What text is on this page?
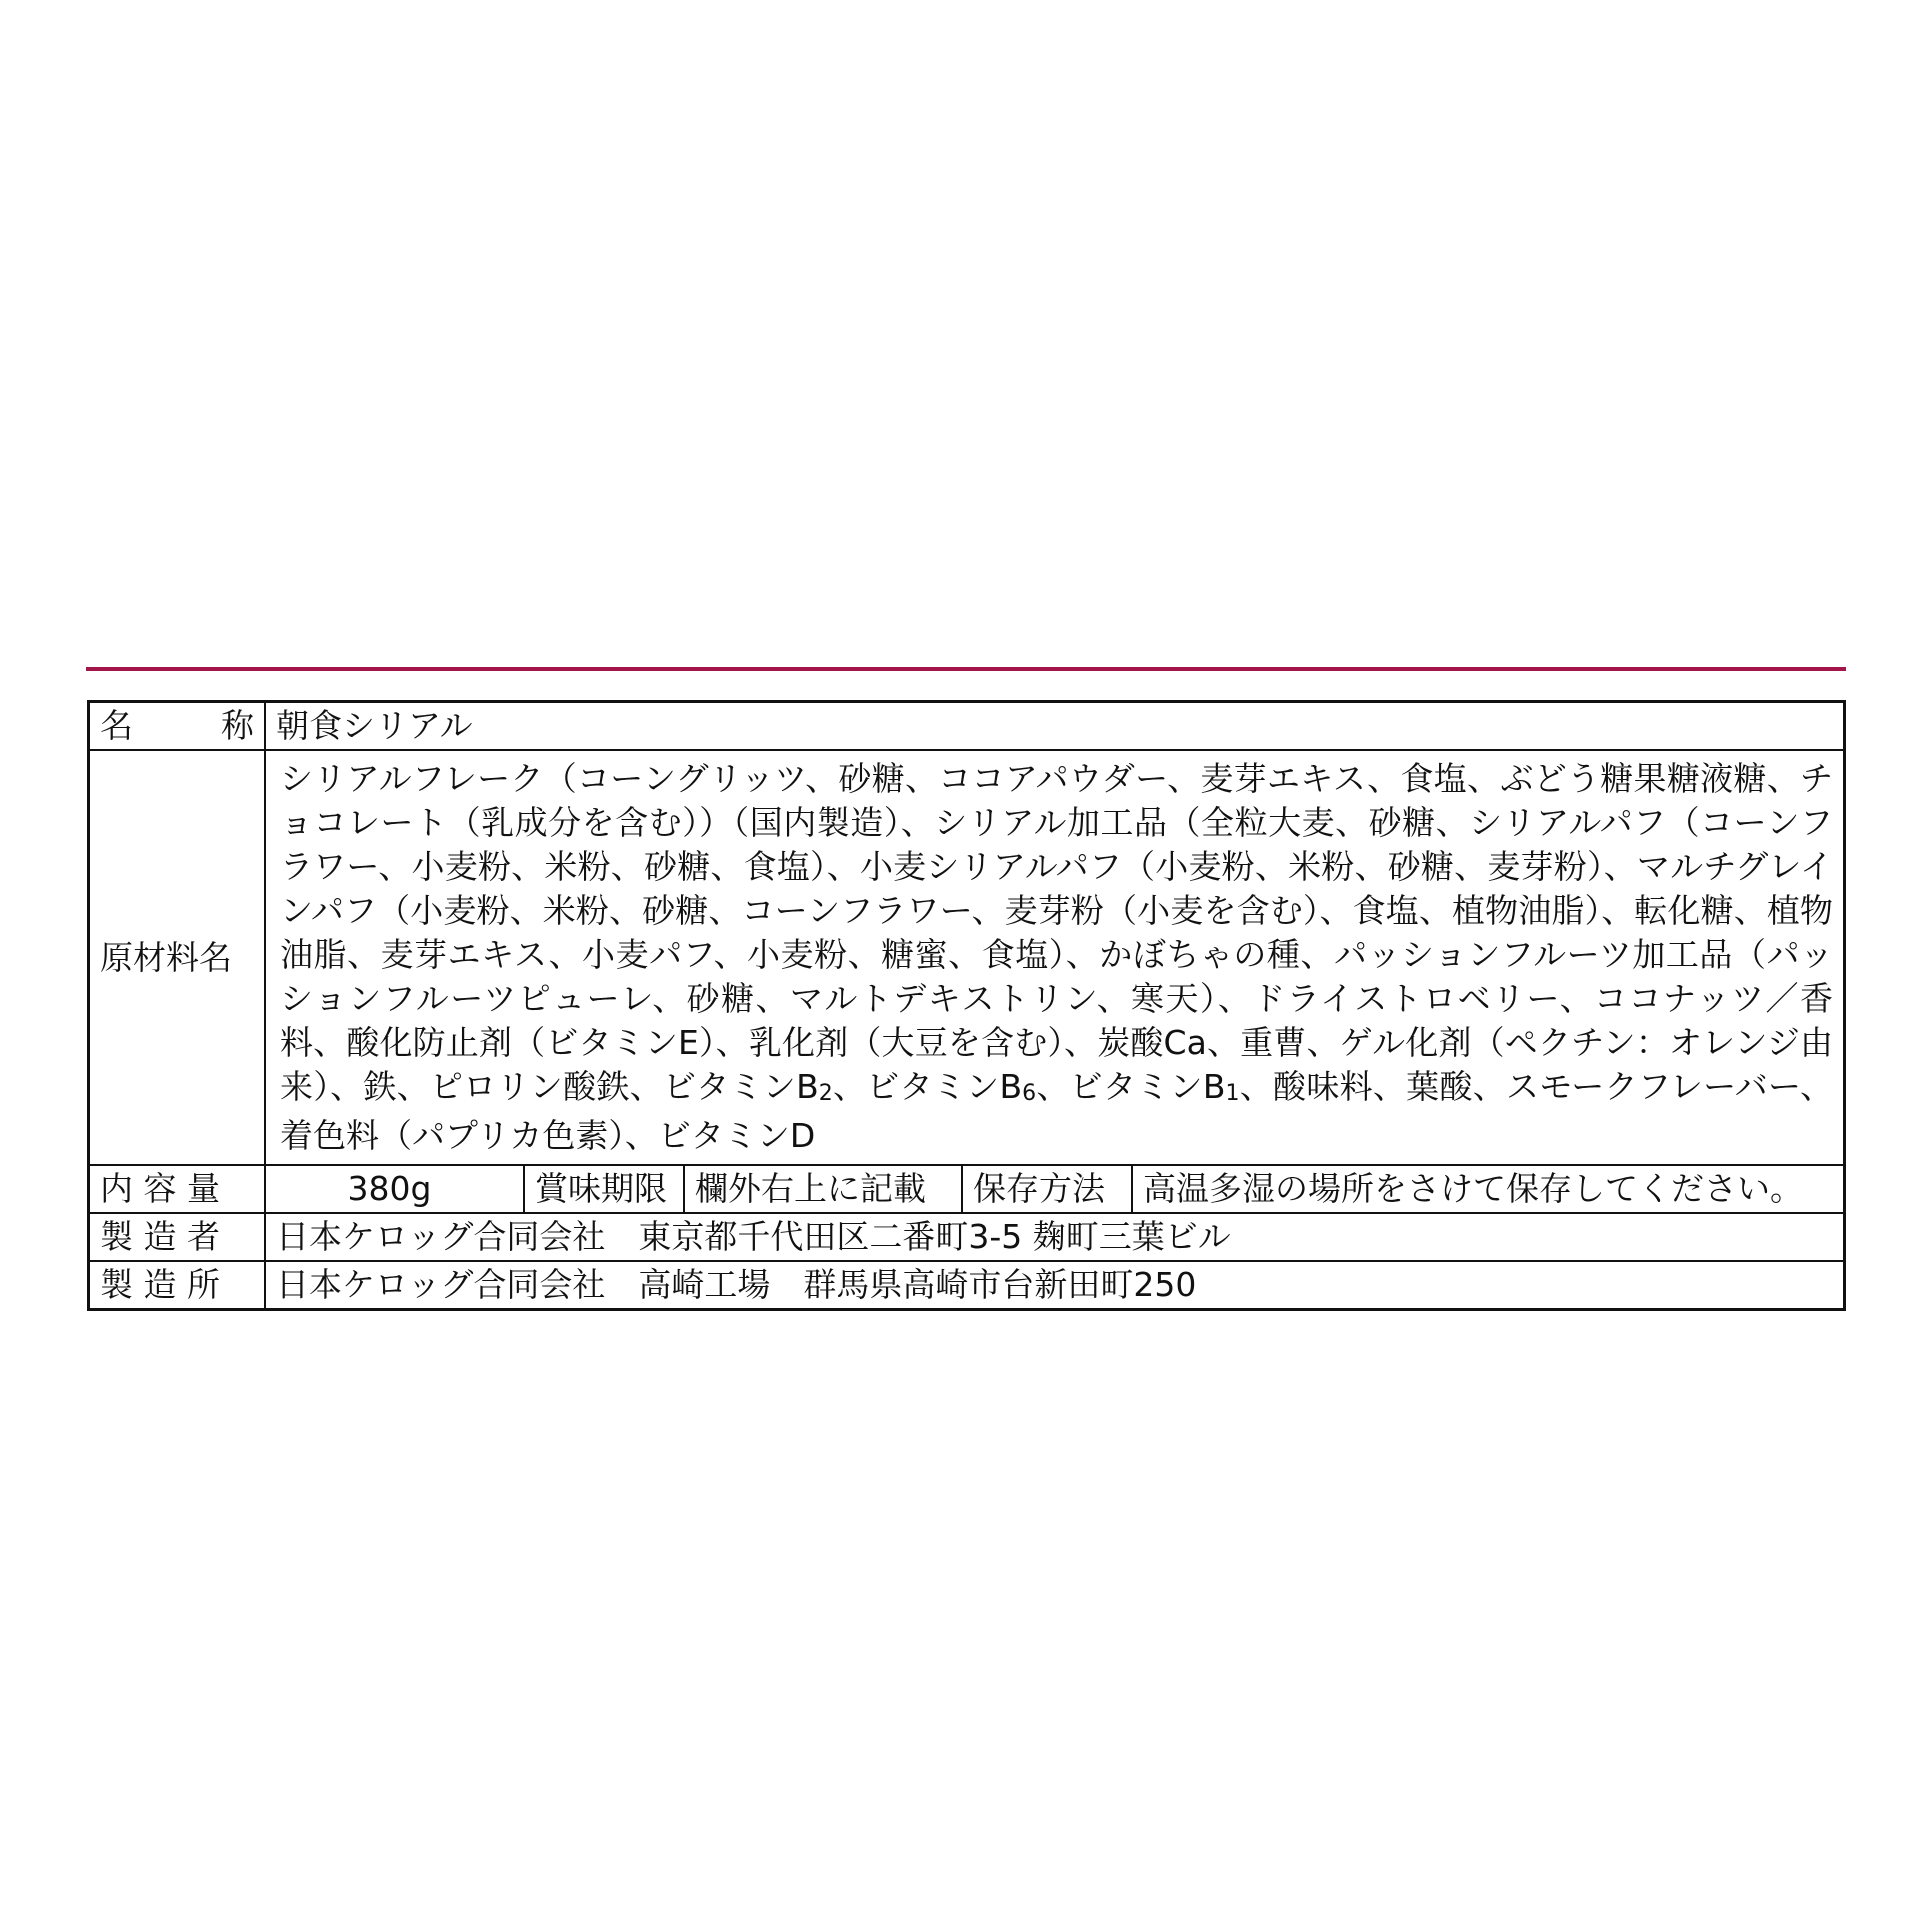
名　　称	朝食シリアル
原材料名	シリアルフレーク（コーングリッツ、砂糖、ココアパウダー、麦芽エキス、食塩、ぶどう糖果糖液糖、チョコレート（乳成分を含む））（国内製造）、シリアル加工品（全粒大麦、砂糖、シリアルパフ（コーンフラワー、小麦粉、米粉、砂糖、食塩）、小麦シリアルパフ（小麦粉、米粉、砂糖、麦芽粉）、マルチグレインパフ（小麦粉、米粉、砂糖、コーンフラワー、麦芽粉（小麦を含む）、食塩、植物油脂）、転化糖、植物油脂、麦芽エキス、小麦パフ、小麦粉、糖蜜、食塩）、かぼちゃの種、パッションフルーツ加工品（パッションフルーツピューレ、砂糖、マルトデキストリン、寒天）、ドライストロベリー、ココナッツ／香料、酸化防止剤（ビタミンE）、乳化剤（大豆を含む）、炭酸Ca、重曹、ゲル化剤（ペクチン：オレンジ由来）、鉄、ピロリン酸鉄、ビタミン$B_2$、ビタミン$B_6$、ビタミン$B_1$、酸味料、葉酸、スモークフレーバー、着色料（パプリカ色素）、ビタミンD
内 容 量		380g	賞味期限	欄外右上に記載	保存方法	高温多湿の場所をさけて保存してください。

製 造 者	日本ケロッグ合同会社　東京都千代田区二番町3-5 麹町三葉ビル
製 造 所	日本ケロッグ合同会社　高崎工場　群馬県高崎市台新田町250
